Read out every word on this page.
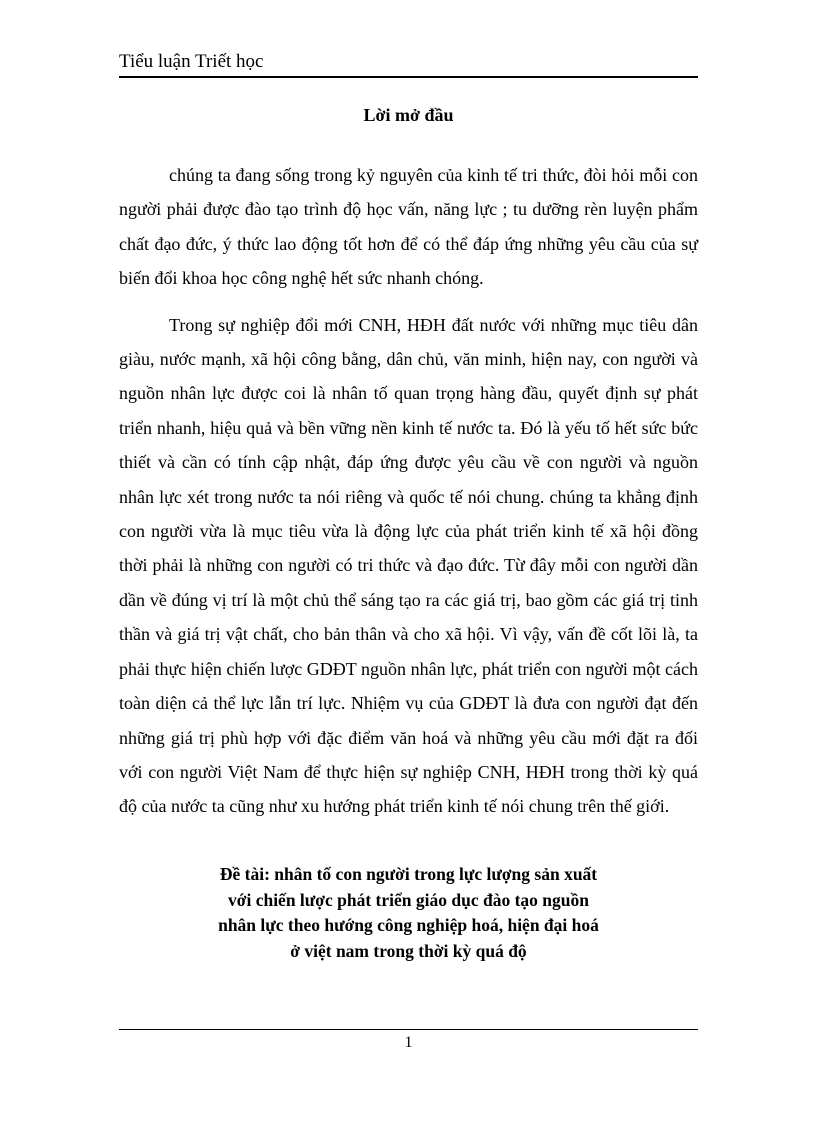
Tiểu luận Triết học
Lời mở đầu

chúng ta đang sống trong kỷ nguyên của kinh tế tri thức, đòi hỏi mỗi con người phải được đào tạo trình độ học vấn, năng lực ; tu dưỡng rèn luyện phẩm chất đạo đức, ý thức lao động tốt hơn để có thể đáp ứng những yêu cầu của sự biến đổi khoa học công nghệ hết sức nhanh chóng.

Trong sự nghiệp đổi mới CNH, HĐH đất nước với những mục tiêu dân giàu, nước mạnh, xã hội công bằng, dân chủ, văn minh, hiện nay, con người và nguồn nhân lực được coi là nhân tố quan trọng hàng đầu, quyết định sự phát triển nhanh, hiệu quả và bền vững nền kinh tế nước ta. Đó là yếu tố hết sức bức thiết và cần có tính cập nhật, đáp ứng được yêu cầu về con người và nguồn nhân lực xét trong nước ta nói riêng và quốc tế nói chung. chúng ta khẳng định con người vừa là mục tiêu vừa là động lực của phát triển kinh tế xã hội đồng thời phải là những con người có tri thức và đạo đức. Từ đây mỗi con người dần dần về đúng vị trí là một chủ thể sáng tạo ra các giá trị, bao gồm các giá trị tinh thần và giá trị vật chất, cho bản thân và cho xã hội. Vì vậy, vấn đề cốt lõi là, ta phải thực hiện chiến lược GDĐT nguồn nhân lực, phát triển con người một cách toàn diện cả thể lực lẫn trí lực. Nhiệm vụ của GDĐT là đưa con người đạt đến những giá trị phù hợp với đặc điểm văn hoá và những yêu cầu mới đặt ra đối với con người Việt Nam để thực hiện sự nghiệp CNH, HĐH trong thời kỳ quá độ của nước ta cũng như xu hướng phát triển kinh tế nói chung trên thế giới.

Đề tài: nhân tố con người trong lực lượng sản xuất
với chiến lược phát triển giáo dục đào tạo nguồn
nhân lực theo hướng công nghiệp hoá, hiện đại hoá
ở việt nam trong thời kỳ quá độ
1
